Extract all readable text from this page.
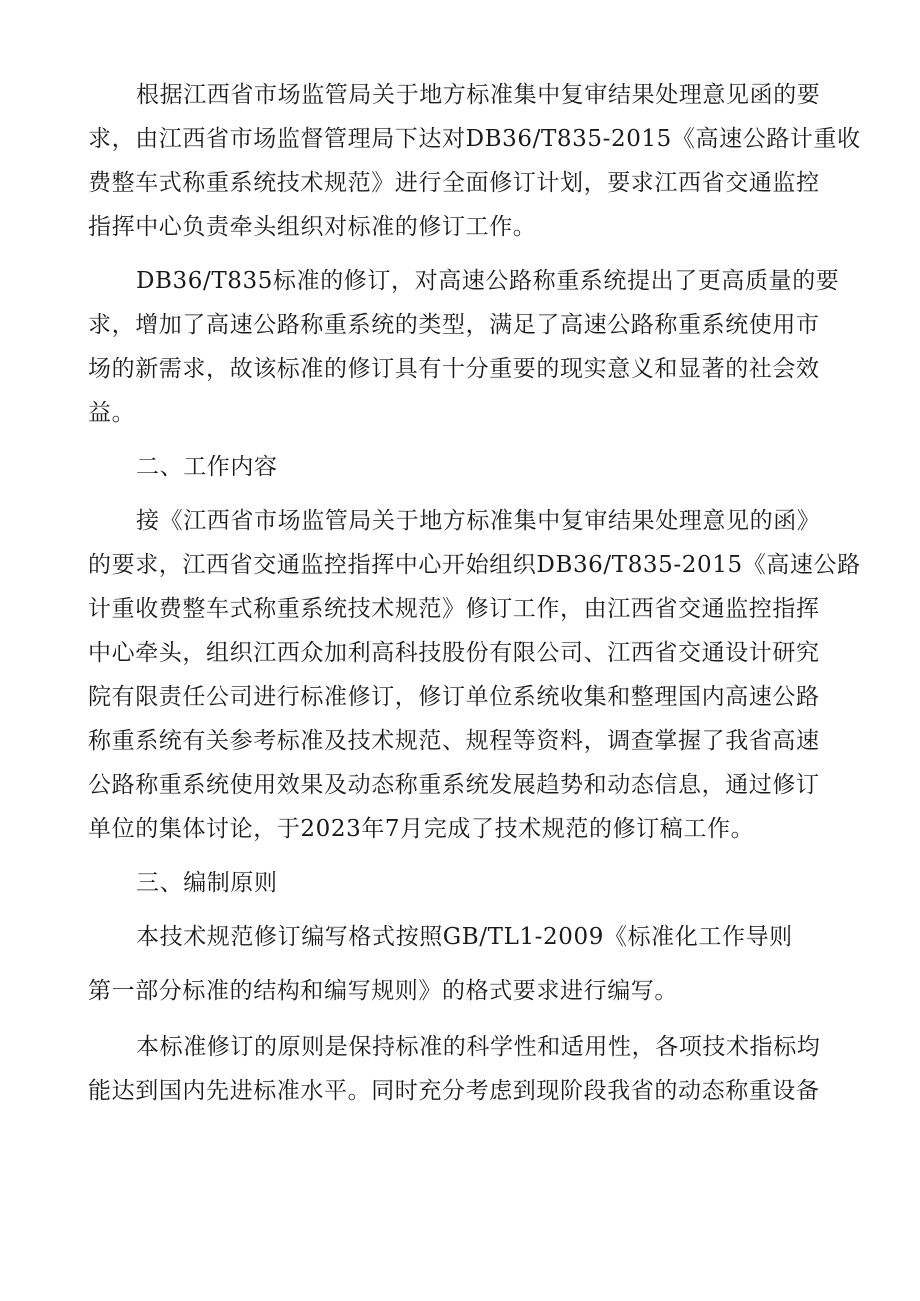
根据江西省市场监管局关于地方标准集中复审结果处理意见函的要
求，由江西省市场监督管理局下达对DB36/T835-2015《高速公路计重收
费整车式称重系统技术规范》进行全面修订计划，要求江西省交通监控
指挥中心负责牵头组织对标准的修订工作。
DB36/T835标准的修订，对高速公路称重系统提出了更高质量的要
求，增加了高速公路称重系统的类型，满足了高速公路称重系统使用市
场的新需求，故该标准的修订具有十分重要的现实意义和显著的社会效
益。
二、工作内容
接《江西省市场监管局关于地方标准集中复审结果处理意见的函》
的要求，江西省交通监控指挥中心开始组织DB36/T835-2015《高速公路
计重收费整车式称重系统技术规范》修订工作，由江西省交通监控指挥
中心牵头，组织江西众加利高科技股份有限公司、江西省交通设计研究
院有限责任公司进行标准修订，修订单位系统收集和整理国内高速公路
称重系统有关参考标准及技术规范、规程等资料，调查掌握了我省高速
公路称重系统使用效果及动态称重系统发展趋势和动态信息，通过修订
单位的集体讨论，于2023年7月完成了技术规范的修订稿工作。
三、编制原则
本技术规范修订编写格式按照GB/TL1-2009《标准化工作导则
第一部分标准的结构和编写规则》的格式要求进行编写。
本标准修订的原则是保持标准的科学性和适用性，各项技术指标均
能达到国内先进标准水平。同时充分考虑到现阶段我省的动态称重设备
